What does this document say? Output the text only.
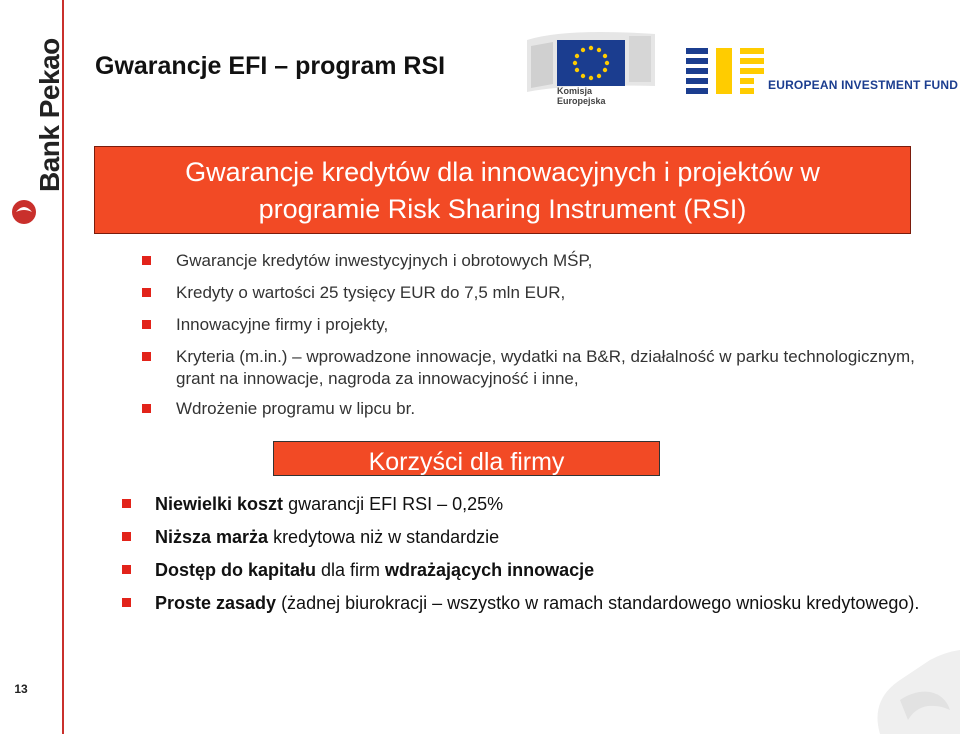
Bank Pekao
13
Gwarancje EFI – program RSI
Komisja
Europejska
EUROPEAN INVESTMENT FUND
Gwarancje kredytów dla innowacyjnych i projektów w
programie Risk Sharing Instrument (RSI)
Gwarancje kredytów inwestycyjnych i obrotowych MŚP,
Kredyty o wartości 25 tysięcy EUR do 7,5 mln EUR,
Innowacyjne firmy i projekty,
Kryteria (m.in.) – wprowadzone innowacje, wydatki na B&R, działalność w parku technologicznym, grant na innowacje, nagroda za innowacyjność i inne,
Wdrożenie programu w lipcu br.
Korzyści dla firmy
Niewielki koszt gwarancji EFI RSI – 0,25%
Niższa marża kredytowa niż w standardzie
Dostęp do kapitału dla firm wdrażających innowacje
Proste zasady (żadnej biurokracji – wszystko w ramach standardowego wniosku kredytowego).
